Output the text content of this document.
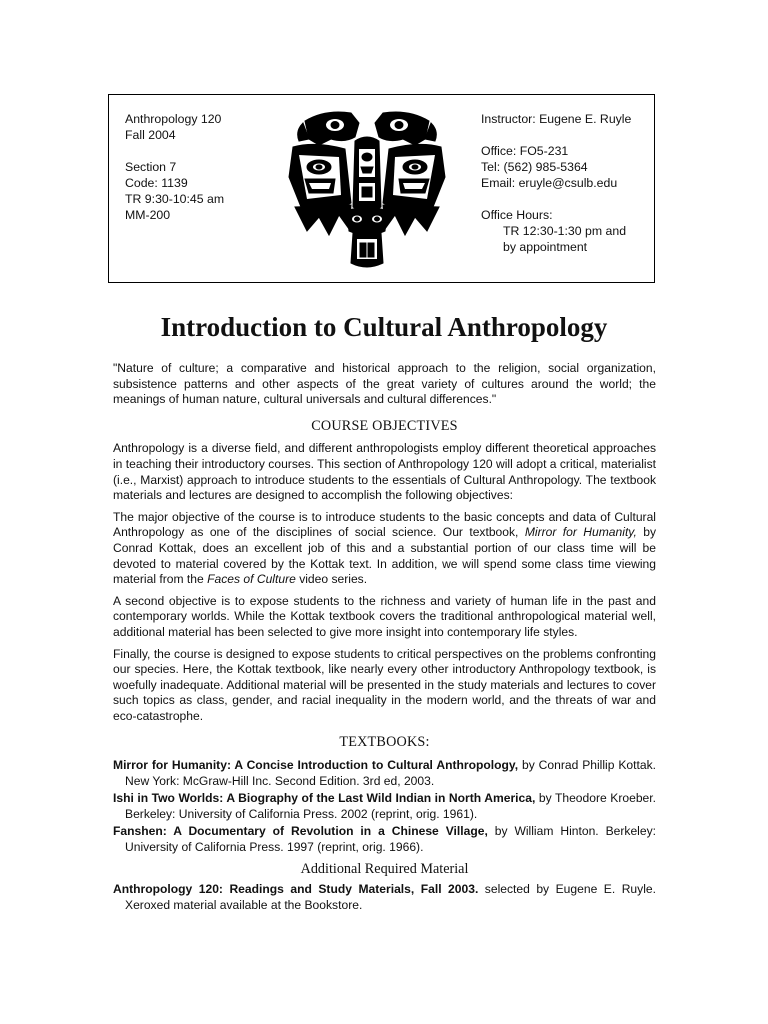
Anthropology 120
Fall 2004
Section 7
Code: 1139
TR 9:30-10:45 am
MM-200
Instructor: Eugene E. Ruyle
Office: FO5-231
Tel: (562) 985-5364
Email: eruyle@csulb.edu
Office Hours:
TR 12:30-1:30 pm and
by appointment
Introduction to Cultural Anthropology

"Nature of culture; a comparative and historical approach to the religion, social organization, subsistence patterns and other aspects of the great variety of cultures around the world; the meanings of human nature, cultural universals and cultural differences."

COURSE OBJECTIVES

Anthropology is a diverse field, and different anthropologists employ different theoretical approaches in teaching their introductory courses. This section of Anthropology 120 will adopt a critical, materialist (i.e., Marxist) approach to introduce students to the essentials of Cultural Anthropology. The textbook materials and lectures are designed to accomplish the following objectives:

The major objective of the course is to introduce students to the basic concepts and data of Cultural Anthropology as one of the disciplines of social science. Our textbook, Mirror for Humanity, by Conrad Kottak, does an excellent job of this and a substantial portion of our class time will be devoted to material covered by the Kottak text. In addition, we will spend some class time viewing material from the Faces of Culture video series.

A second objective is to expose students to the richness and variety of human life in the past and contemporary worlds. While the Kottak textbook covers the traditional anthropological material well, additional material has been selected to give more insight into contemporary life styles.

Finally, the course is designed to expose students to critical perspectives on the problems confronting our species. Here, the Kottak textbook, like nearly every other introductory Anthropology textbook, is woefully inadequate. Additional material will be presented in the study materials and lectures to cover such topics as class, gender, and racial inequality in the modern world, and the threats of war and eco-catastrophe.

TEXTBOOKS:

Mirror for Humanity: A Concise Introduction to Cultural Anthropology, by Conrad Phillip Kottak. New York: McGraw-Hill Inc. Second Edition. 3rd ed, 2003.

Ishi in Two Worlds: A Biography of the Last Wild Indian in North America, by Theodore Kroeber. Berkeley: University of California Press. 2002 (reprint, orig. 1961).

Fanshen: A Documentary of Revolution in a Chinese Village, by William Hinton. Berkeley: University of California Press. 1997 (reprint, orig. 1966).

Additional Required Material

Anthropology 120: Readings and Study Materials, Fall 2003. selected by Eugene E. Ruyle. Xeroxed material available at the Bookstore.
